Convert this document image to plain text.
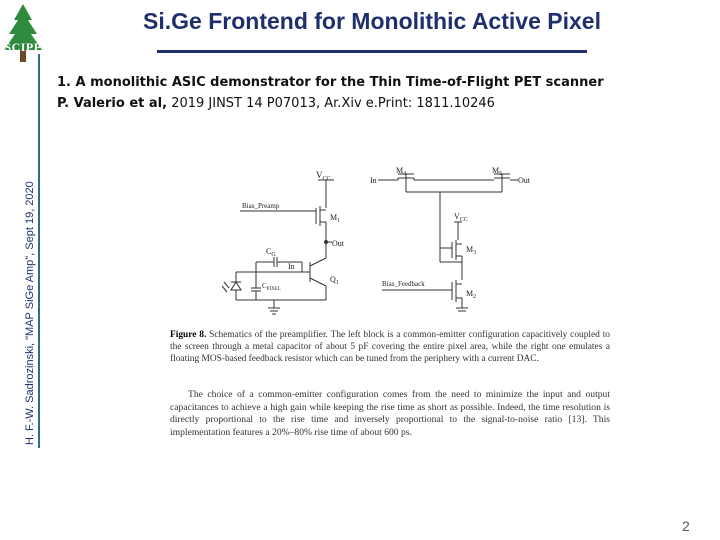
SCIPP
Si.Ge Frontend for Monolithic Active Pixel
H. F.-W. Sadrozinski, "MAP SiGe Amp", Sept 19, 2020
1. A monolithic ASIC demonstrator for the Thin Time-of-Flight PET scanner
P. Valerio et al, 2019 JINST 14 P07013, Ar.Xiv e.Print: 1811.10246
$V_{CC}$
Bias_Preamp
$M_1$
Out
$C_G$
In
$Q_1$
$C_{PIXEL}$
In
$M_4$	$M_5$
Out
$V_{CC}$
$M_3$
Bias_Feedback
$M_2$
Figure 8. Schematics of the preamplifier. The left block is a common-emitter configuration capacitively coupled to the screen through a metal capacitor of about 5 pF covering the entire pixel area, while the right one emulates a floating MOS-based feedback resistor which can be tuned from the periphery with a current DAC.
The choice of a common-emitter configuration comes from the need to minimize the input and output capacitances to achieve a high gain while keeping the rise time as short as possible. Indeed, the time resolution is directly proportional to the rise time and inversely proportional to the signal-to-noise ratio [13]. This implementation features a 20%–80% rise time of about 600 ps.
2
